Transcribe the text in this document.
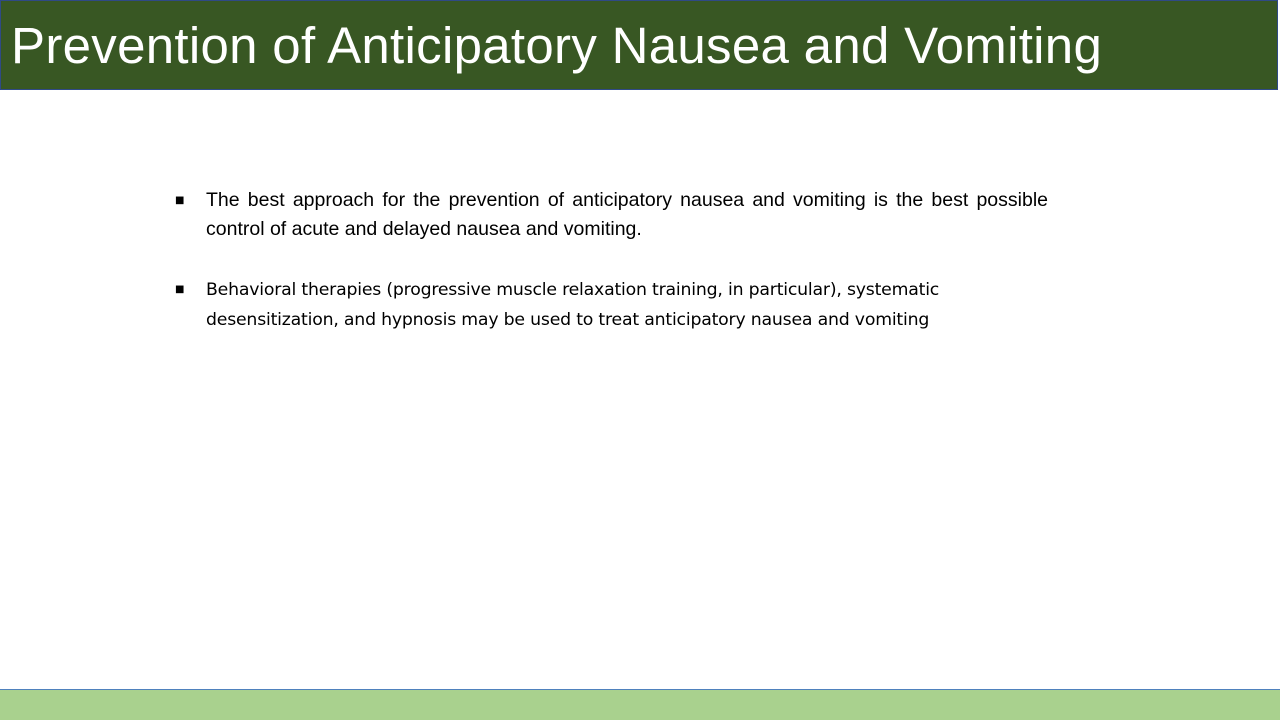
Prevention of Anticipatory Nausea and Vomiting
■	The best approach for the prevention of anticipatory nausea and vomiting is the best possible control of acute and delayed nausea and vomiting.

■	Behavioral therapies (progressive muscle relaxation training, in particular), systematic desensitization, and hypnosis may be used to treat anticipatory nausea and vomiting
